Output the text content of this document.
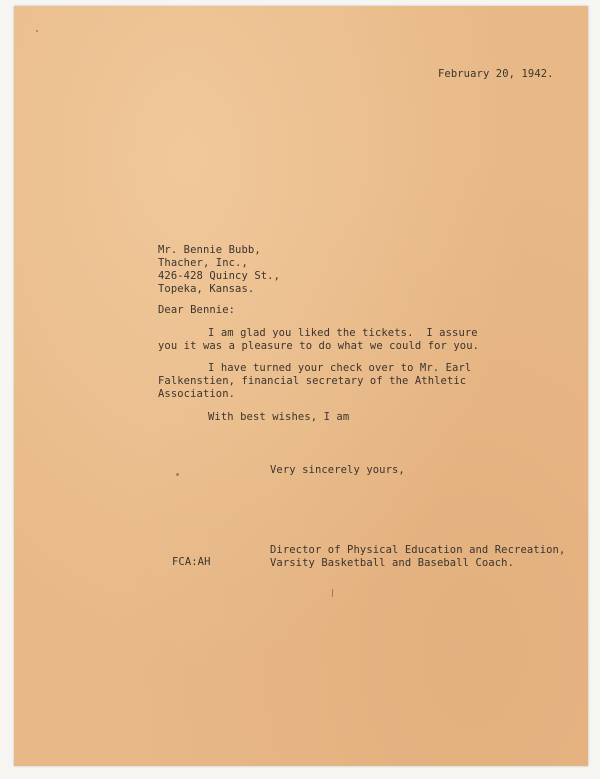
February 20, 1942.
Mr. Bennie Bubb,
Thacher, Inc.,
426-428 Quincy St.,
Topeka, Kansas.
Dear Bennie:
I am glad you liked the tickets.  I assure
you it was a pleasure to do what we could for you.
I have turned your check over to Mr. Earl
Falkenstien, financial secretary of the Athletic
Association.
With best wishes, I am
Very sincerely yours,
Director of Physical Education and Recreation,
Varsity Basketball and Baseball Coach.
FCA:AH
